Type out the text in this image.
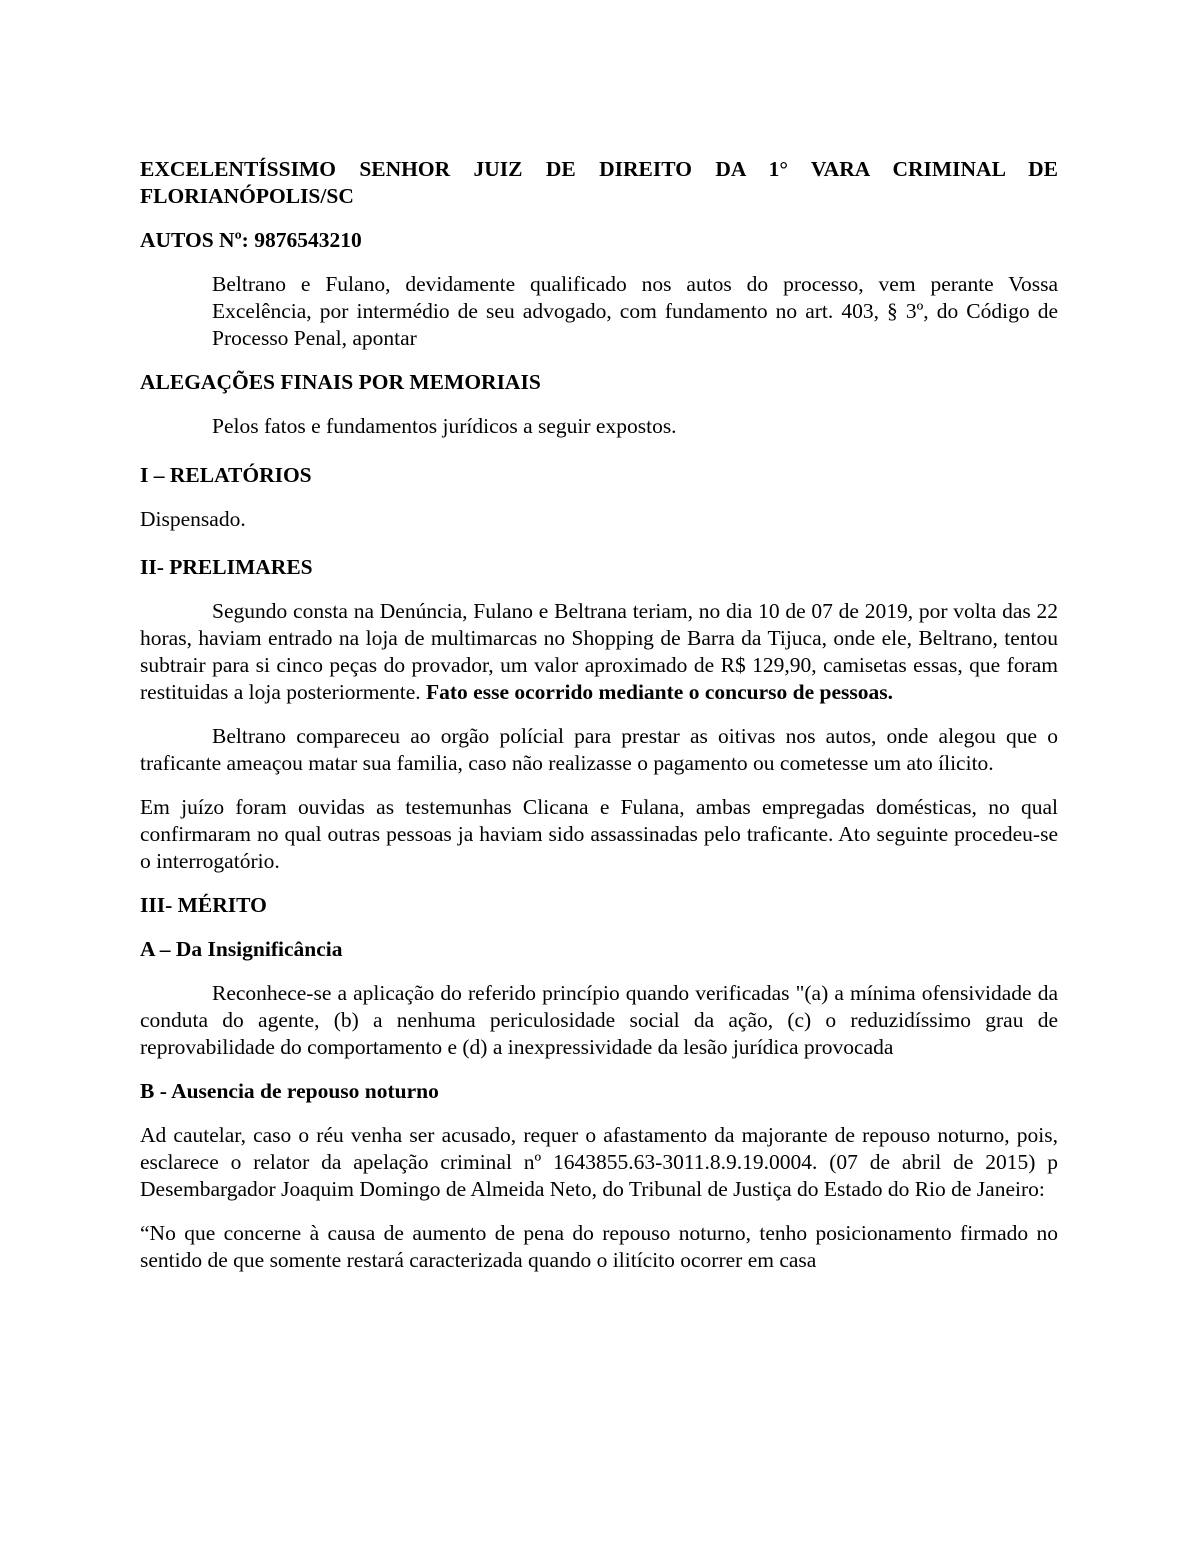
EXCELENTÍSSIMO SENHOR JUIZ DE DIREITO DA 1° VARA CRIMINAL DE FLORIANÓPOLIS/SC

AUTOS Nº: 9876543210

Beltrano e Fulano, devidamente qualificado nos autos do processo, vem perante Vossa Excelência, por intermédio de seu advogado, com fundamento no art. 403, § 3º, do Código de Processo Penal, apontar

ALEGAÇÕES FINAIS POR MEMORIAIS

Pelos fatos e fundamentos jurídicos a seguir expostos.

I – RELATÓRIOS

Dispensado.

II- PRELIMARES

Segundo consta na Denúncia, Fulano e Beltrana teriam, no dia 10 de 07 de 2019, por volta das 22 horas, haviam entrado na loja de multimarcas no Shopping de Barra da Tijuca, onde ele, Beltrano, tentou subtrair para si cinco peças do provador, um valor aproximado de R$ 129,90, camisetas essas, que foram restituidas a loja posteriormente. Fato esse ocorrido mediante o concurso de pessoas.

Beltrano compareceu ao orgão polícial para prestar as oitivas nos autos, onde alegou que o traficante ameaçou matar sua familia, caso não realizasse o pagamento ou cometesse um ato ílicito.

Em juízo foram ouvidas as testemunhas Clicana e Fulana, ambas empregadas domésticas, no qual confirmaram no qual outras pessoas ja haviam sido assassinadas pelo traficante. Ato seguinte procedeu-se o interrogatório.

III- MÉRITO

A – Da Insignificância

Reconhece-se a aplicação do referido princípio quando verificadas "(a) a mínima ofensividade da conduta do agente, (b) a nenhuma periculosidade social da ação, (c) o reduzidíssimo grau de reprovabilidade do comportamento e (d) a inexpressividade da lesão jurídica provocada

B - Ausencia de repouso noturno

Ad cautelar, caso o réu venha ser acusado, requer o afastamento da majorante de repouso noturno, pois, esclarece o relator da apelação criminal nº 1643855.63-3011.8.9.19.0004. (07 de abril de 2015) p Desembargador Joaquim Domingo de Almeida Neto, do Tribunal de Justiça do Estado do Rio de Janeiro:

“No que concerne à causa de aumento de pena do repouso noturno, tenho posicionamento firmado no sentido de que somente restará caracterizada quando o ilitícito ocorrer em casa
